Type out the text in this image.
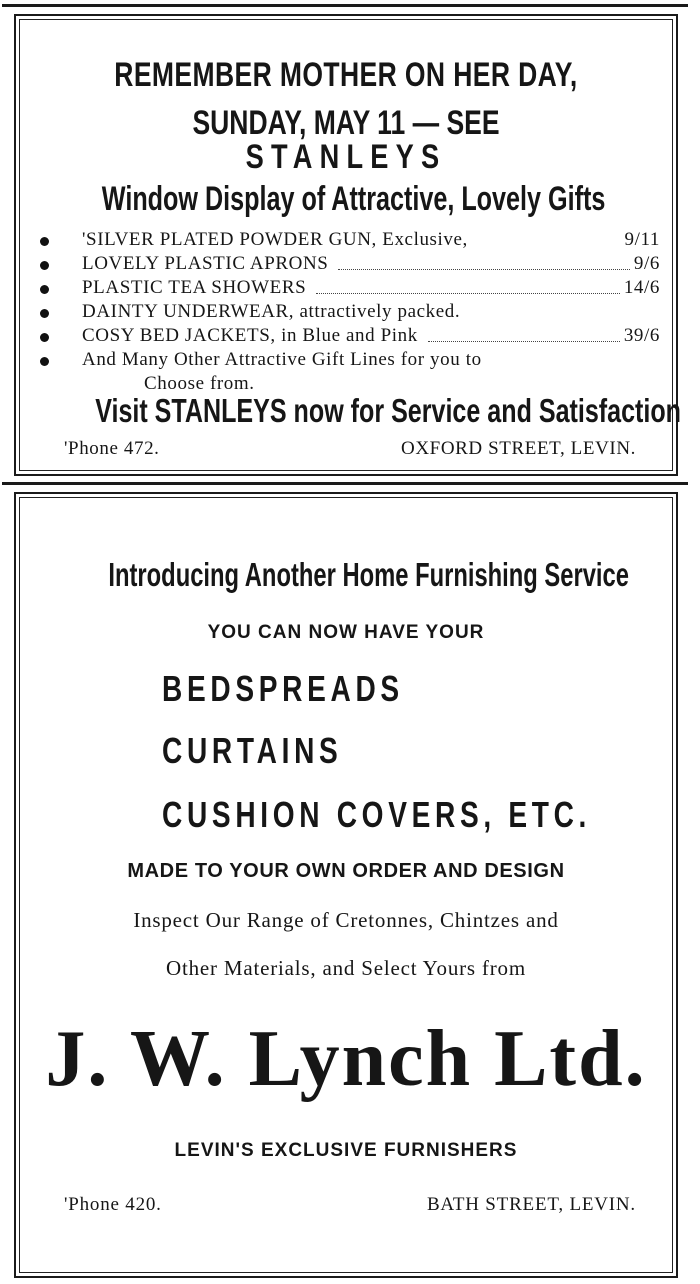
REMEMBER MOTHER ON HER DAY,
SUNDAY, MAY 11 — SEE
STANLEYS
Window Display of Attractive, Lovely Gifts
'SILVER PLATED POWDER GUN, Exclusive,	9/11
LOVELY PLASTIC APRONS	9/6
PLASTIC TEA SHOWERS	14/6
DAINTY UNDERWEAR, attractively packed.
COSY BED JACKETS, in Blue and Pink	39/6
And Many Other Attractive Gift Lines for you to
Choose from.
Visit STANLEYS now for Service and Satisfaction
'Phone 472.	OXFORD STREET, LEVIN.
Introducing Another Home Furnishing Service
YOU CAN NOW HAVE YOUR
BEDSPREADS
CURTAINS
CUSHION COVERS, ETC.
MADE TO YOUR OWN ORDER AND DESIGN
Inspect Our Range of Cretonnes, Chintzes and
Other Materials, and Select Yours from
J. W. Lynch Ltd.
LEVIN'S EXCLUSIVE FURNISHERS
'Phone 420.	BATH STREET, LEVIN.
